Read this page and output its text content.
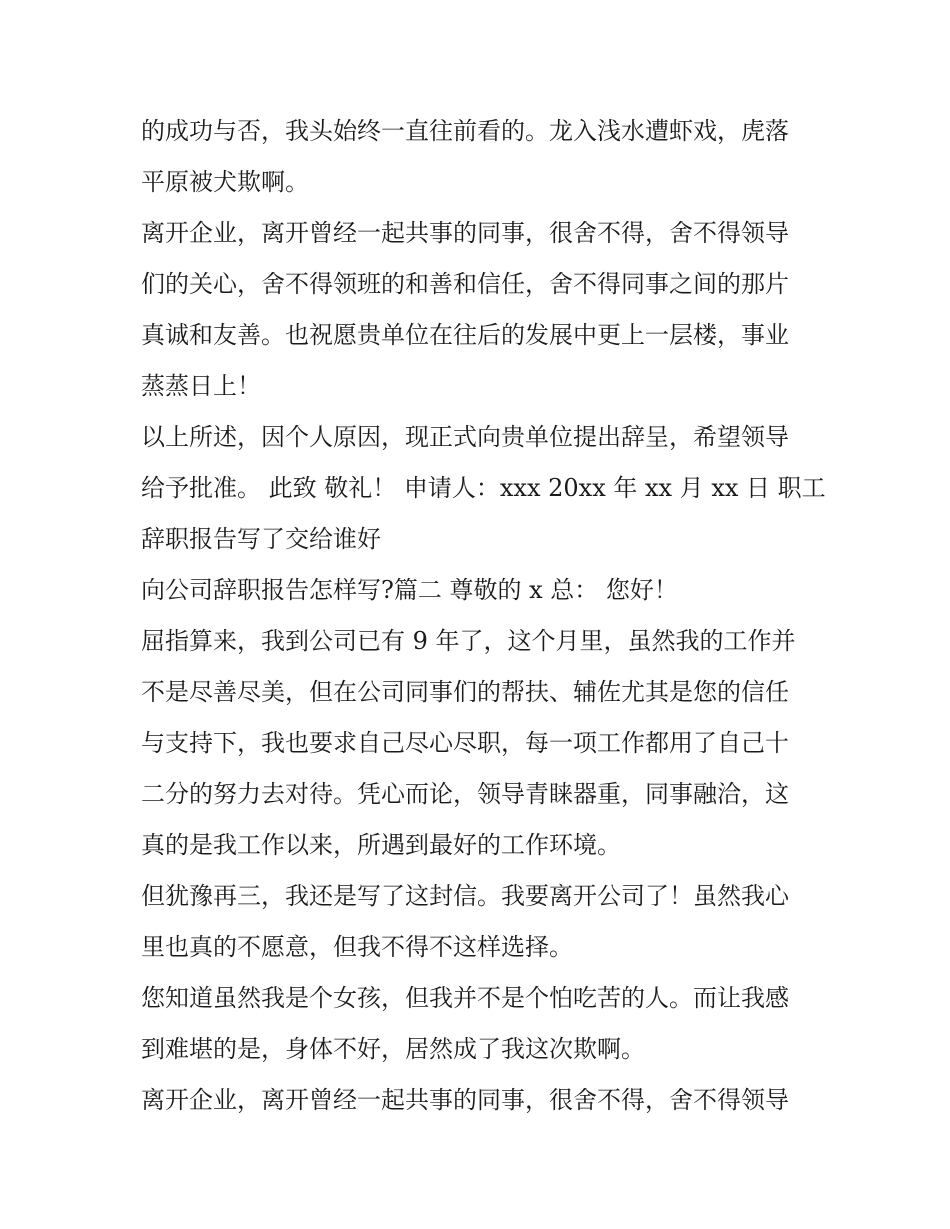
的成功与否，我头始终一直往前看的。龙入浅水遭虾戏，虎落
平原被犬欺啊。
离开企业，离开曾经一起共事的同事，很舍不得，舍不得领导
们的关心，舍不得领班的和善和信任，舍不得同事之间的那片
真诚和友善。也祝愿贵单位在往后的发展中更上一层楼，事业
蒸蒸日上！
以上所述，因个人原因，现正式向贵单位提出辞呈，希望领导
给予批准。 此致 敬礼！ 申请人：xxx 20xx 年 xx 月 xx 日 职工
辞职报告写了交给谁好
向公司辞职报告怎样写?篇二 尊敬的 x 总： 您好！
屈指算来，我到公司已有 9 年了，这个月里，虽然我的工作并
不是尽善尽美，但在公司同事们的帮扶、辅佐尤其是您的信任
与支持下，我也要求自己尽心尽职，每一项工作都用了自己十
二分的努力去对待。凭心而论，领导青睐器重，同事融洽，这
真的是我工作以来，所遇到最好的工作环境。
但犹豫再三，我还是写了这封信。我要离开公司了！虽然我心
里也真的不愿意，但我不得不这样选择。
您知道虽然我是个女孩，但我并不是个怕吃苦的人。而让我感
到难堪的是，身体不好，居然成了我这次欺啊。
离开企业，离开曾经一起共事的同事，很舍不得，舍不得领导
